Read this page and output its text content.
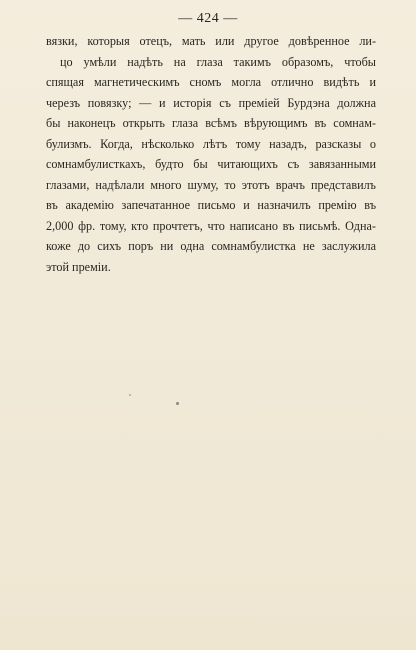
— 424 —
вязки, которыя отецъ, мать или другое довѣренное ли-
цо умѣли надѣть на глаза такимъ образомъ, чтобы
спящая магнетическимъ сномъ могла отлично видѣть и
черезъ повязку; — и исторія съ преміей Бурдэна должна
бы наконецъ открыть глаза всѣмъ вѣрующимъ въ сомнам-
булизмъ. Когда, нѣсколько лѣтъ тому назадъ, разсказы о
сомнамбулисткахъ, будто бы читающихъ съ завязанными
глазами, надѣлали много шуму, то этотъ врачъ представилъ
въ академію запечатанное письмо и назначилъ премію въ
2,000 фр. тому, кто прочтетъ, что написано въ письмѣ. Одна-
коже до сихъ поръ ни одна сомнамбулистка не заслужила
этой преміи.
